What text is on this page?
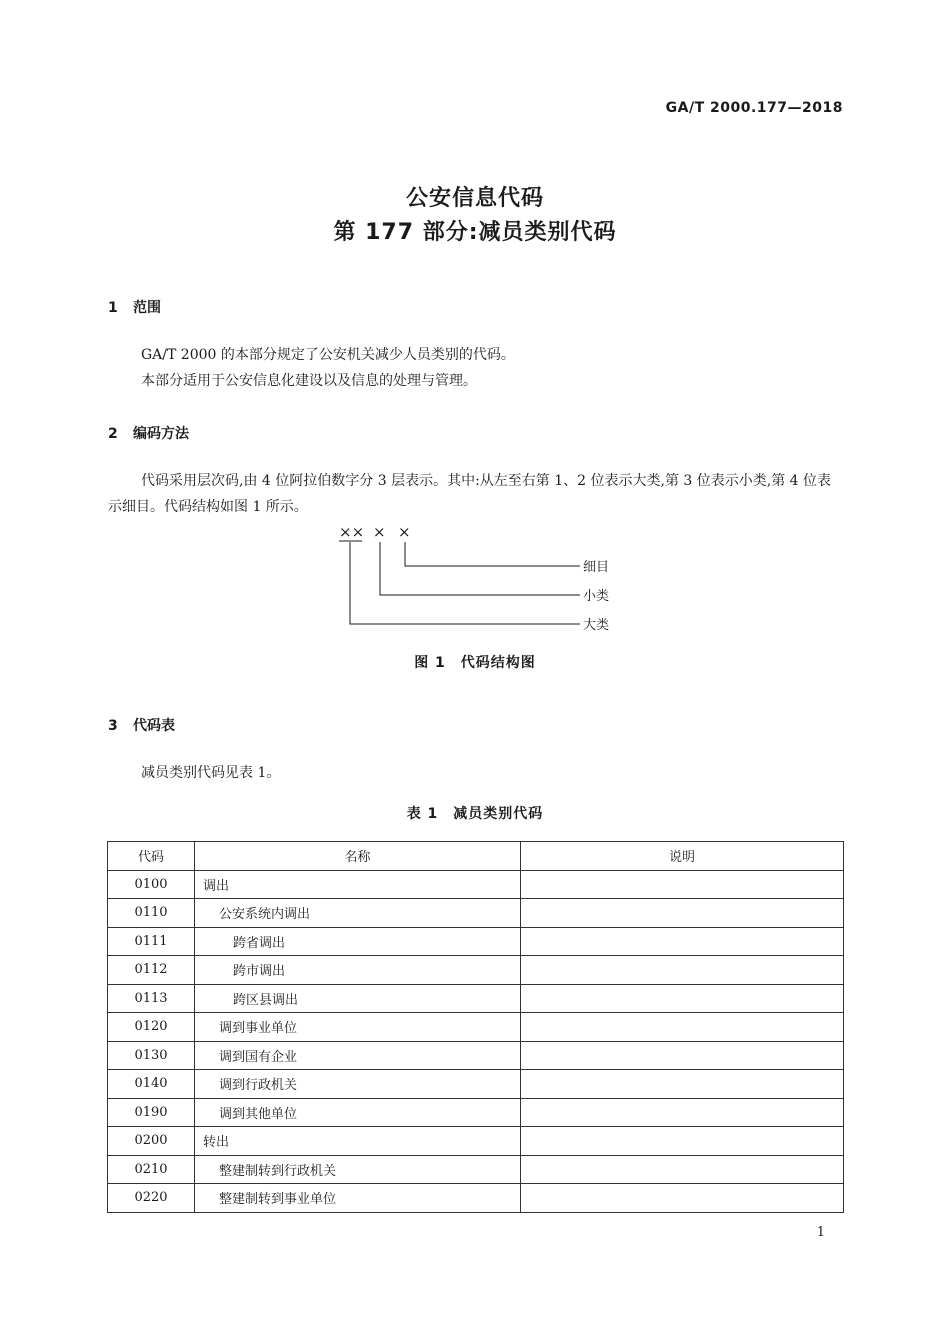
GA/T 2000.177—2018
公安信息代码
第 177 部分:减员类别代码
1 范围
GA/T 2000 的本部分规定了公安机关减少人员类别的代码。
本部分适用于公安信息化建设以及信息的处理与管理。
2 编码方法
代码采用层次码,由 4 位阿拉伯数字分 3 层表示。其中:从左至右第 1、2 位表示大类,第 3 位表示小类,第 4 位表示细目。代码结构如图 1 所示。
×× × ×
细目
小类
大类
图 1　代码结构图
3 代码表
减员类别代码见表 1。
表 1　减员类别代码
代码	名称	说明
0100	调出	
0110	公安系统内调出	
0111	跨省调出	
0112	跨市调出	
0113	跨区县调出	
0120	调到事业单位	
0130	调到国有企业	
0140	调到行政机关	
0190	调到其他单位	
0200	转出	
0210	整建制转到行政机关	
0220	整建制转到事业单位	
1
